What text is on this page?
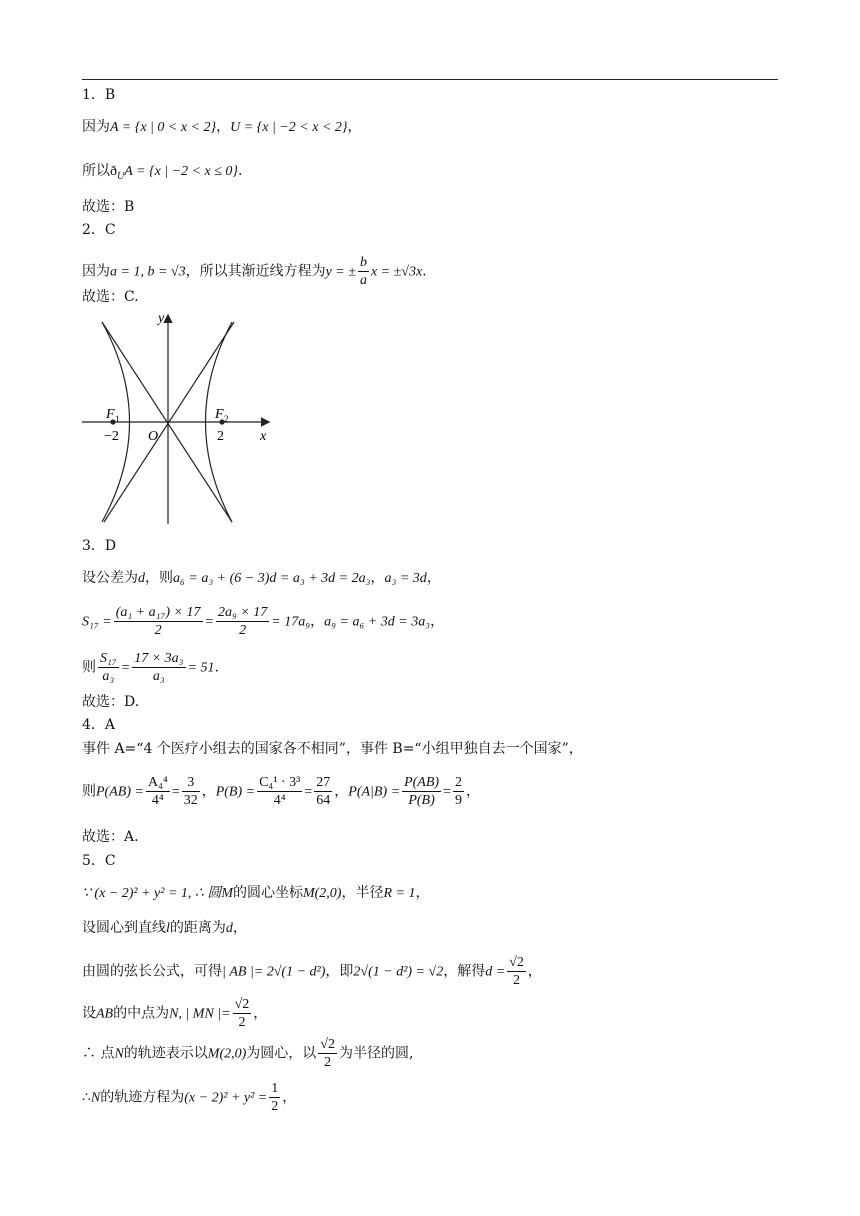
1．B
因为A = {x | 0 < x < 2}，U = {x | −2 < x < 2}，
所以$ð_UA = \{x$ | −2 < x ≤ 0}.
故选：B
2．C
因为a = 1, b = √3，所以其渐近线方程为y = ± $\frac{b}{a}$ x = ±√3x.
故选：C.
y
x
O
F 1	F 2
−2	2
3．D
设公差为d，则a₆ = a₃ + (6 − 3)d = a₃ + 3d = 2a₃，a₃ = 3d，
$S_{17} = \frac{\text{(a₁ + a₁₇) × 17}}{2} = \frac{\text{2a₉ × 17}}{2} = 17a_9$，a₉ = a₆ + 3d = 3a₃，
则 $\frac{\text{S₁₇}}{\text{a₃}} = \frac{\text{17 × 3a₃}}{\text{a₃}} = 51$.
故选：D.
4．A
事件 A=“4 个医疗小组去的国家各不相同”，事件 B=“小组甲独自去一个国家”，
则$P(AB) = \frac{\text{A₄⁴}}{\text{4⁴}} = \frac{3}{32}$ ，$P(B) = \frac{\text{C₄¹ · 3³}}{\text{4⁴}} = \frac{27}{64}$ ，$P(A|B) = \frac{P(AB)}{P(B)} = \frac{2}{9}$ ，
故选：A.
5．C
∵ (x − 2)² + y² = 1, ∴ 圆M的圆心坐标M(2,0)，半径R = 1，
设圆心到直线l的距离为d，
由圆的弦长公式，可得| AB |= 2√(1 − d²)，即2√(1 − d²) = √2，解得$d = \frac{√2}{2}$ ，
设AB的中点为N, | MN |= $\frac{√2}{2}$ ，
∴ 点N的轨迹表示以M(2,0)为圆心，以 $\frac{√2}{2}$ 为半径的圆,
∴N的轨迹方程为$(x - 2)^2 + y^2 = \frac{1}{2}$ ，
